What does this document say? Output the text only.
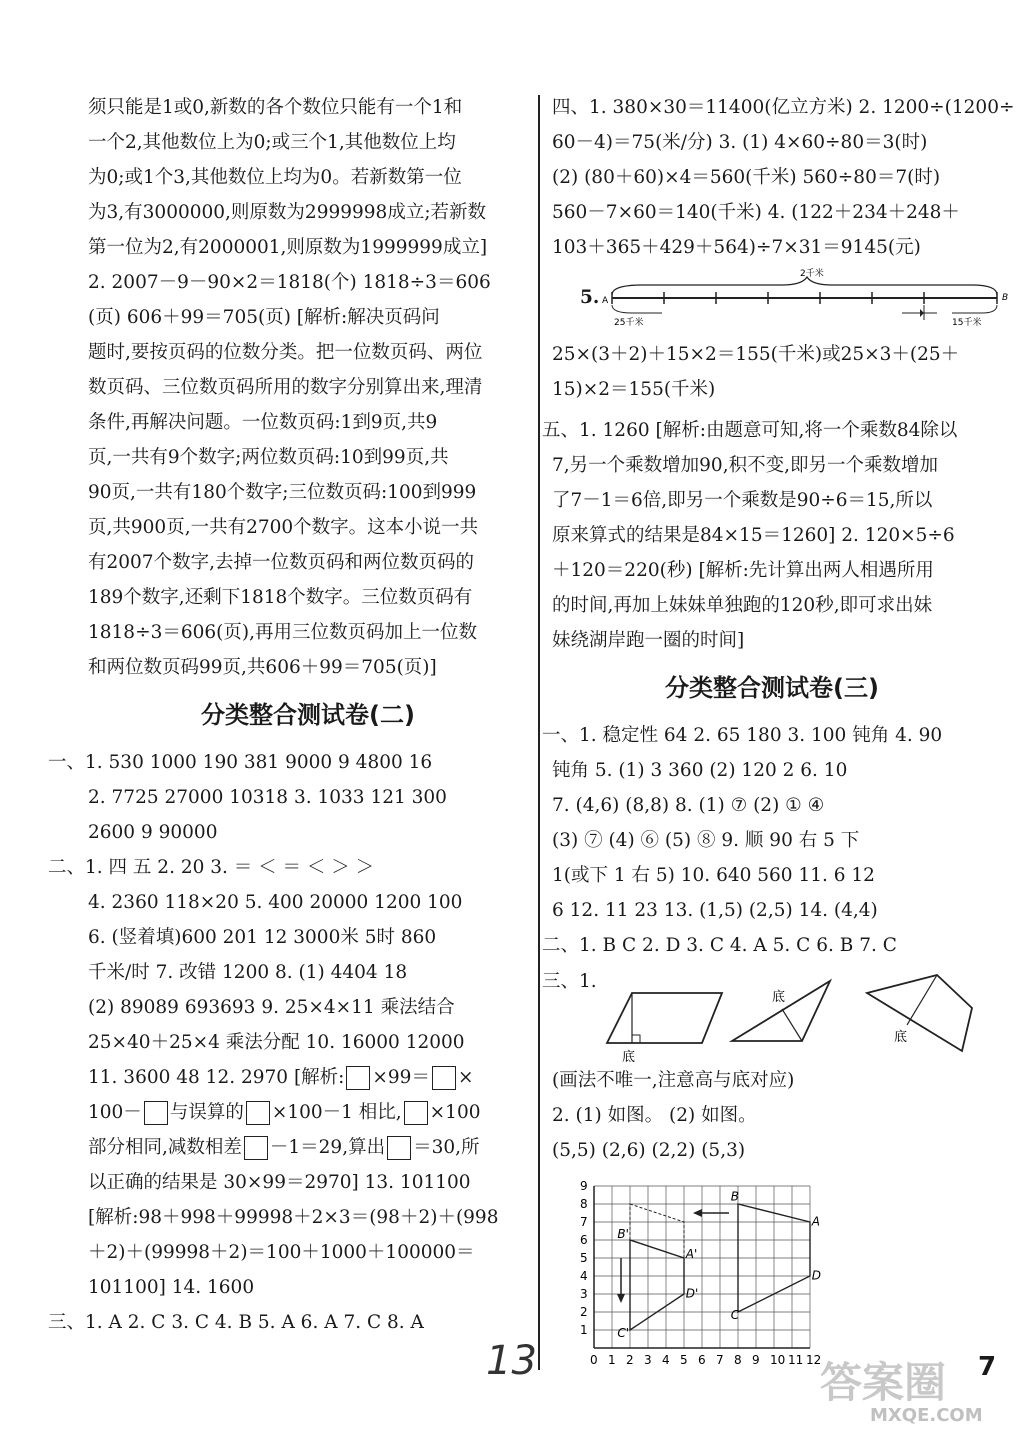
须只能是1或0,新数的各个数位只能有一个1和

一个2,其他数位上为0;或三个1,其他数位上均

为0;或1个3,其他数位上均为0。若新数第一位

为3,有3000000,则原数为2999998成立;若新数

第一位为2,有2000001,则原数为1999999成立]

2. 2007－9－90×2＝1818(个) 1818÷3＝606

(页) 606＋99＝705(页) [解析:解决页码问

题时,要按页码的位数分类。把一位数页码、两位

数页码、三位数页码所用的数字分别算出来,理清

条件,再解决问题。一位数页码:1到9页,共9

页,一共有9个数字;两位数页码:10到99页,共

90页,一共有180个数字;三位数页码:100到999

页,共900页,一共有2700个数字。这本小说一共

有2007个数字,去掉一位数页码和两位数页码的

189个数字,还剩下1818个数字。三位数页码有

1818÷3＝606(页),再用三位数页码加上一位数

和两位数页码99页,共606＋99＝705(页)]

分类整合测试卷(二)

一、1. 530 1000 190 381 9000 9 4800 16

2. 7725 27000 10318 3. 1033 121 300

2600 9 90000

二、1. 四 五 2. 20 3. ＝ ＜ ＝ ＜ ＞ ＞

4. 2360 118×20 5. 400 20000 1200 100

6. (竖着填)600 201 12 3000米 5时 860

千米/时 7. 改错 1200 8. (1) 4404 18

(2) 89089 693693 9. 25×4×11 乘法结合

25×40＋25×4 乘法分配 10. 16000 12000

11. 3600 48 12. 2970 [解析: ×99＝ ×

100－ 与误算的 ×100－1 相比, ×100

部分相同,减数相差 －1＝29,算出 ＝30,所

以正确的结果是 30×99＝2970] 13. 101100

[解析:98＋998＋99998＋2×3＝(98＋2)＋(998

＋2)＋(99998＋2)＝100＋1000＋100000＝

101100] 14. 1600

三、1. A 2. C 3. C 4. B 5. A 6. A 7. C 8. A

四、1. 380×30＝11400(亿立方米) 2. 1200÷(1200÷

60－4)＝75(米/分) 3. (1) 4×60÷80＝3(时)

(2) (80＋60)×4＝560(千米) 560÷80＝7(时)

560－7×60＝140(千米) 4. (122＋234＋248＋

103＋365＋429＋564)÷7×31＝9145(元)

5.
2千米
A
25千米	15千米
B

25×(3＋2)＋15×2＝155(千米)或25×3＋(25＋

15)×2＝155(千米)

五、1. 1260 [解析:由题意可知,将一个乘数84除以

7,另一个乘数增加90,积不变,即另一个乘数增加

了7－1＝6倍,即另一个乘数是90÷6＝15,所以

原来算式的结果是84×15＝1260] 2. 120×5÷6

＋120＝220(秒) [解析:先计算出两人相遇所用

的时间,再加上妹妹单独跑的120秒,即可求出妹

妹绕湖岸跑一圈的时间]

分类整合测试卷(三)

一、1. 稳定性 64 2. 65 180 3. 100 钝角 4. 90

钝角 5. (1) 3 360 (2) 120 2 6. 10

7. (4,6) (8,8) 8. (1) ⑦ (2) ① ④

(3) ⑦ (4) ⑥ (5) ⑧ 9. 顺 90 右 5 下

1(或下 1 右 5) 10. 640 560 11. 6 12

6 12. 11 23 13. (1,5) (2,5) 14. (4,4)

二、1. B C 2. D 3. C 4. A 5. C 6. B 7. C

三、1.
底
底
底

(画法不唯一,注意高与底对应)

2. (1) 如图。 (2) 如图。

(5,5) (2,6) (2,2) (5,3)

0 1 2 3 4 5 6 7 8 9 10 11 12
1
2
3
4
5
6
7
8
9
B
A
D
C
B'
A'
D'
C'
13	答案圈
MXQE.COM
7
